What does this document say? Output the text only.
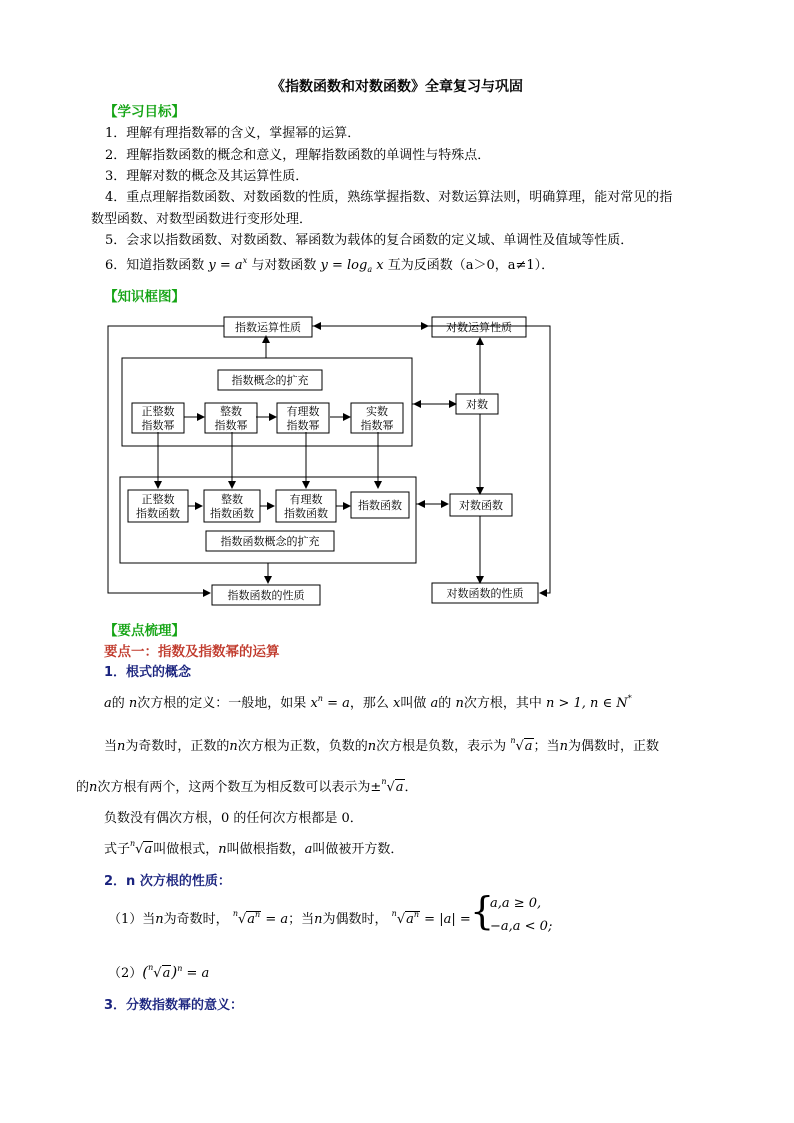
《指数函数和对数函数》全章复习与巩固
【学习目标】
1．理解有理指数幂的含义，掌握幂的运算．
2．理解指数函数的概念和意义，理解指数函数的单调性与特殊点．
3．理解对数的概念及其运算性质．
4．重点理解指数函数、对数函数的性质，熟练掌握指数、对数运算法则，明确算理，能对常见的指
数型函数、对数型函数进行变形处理．
5．会求以指数函数、对数函数、幂函数为载体的复合函数的定义域、单调性及值域等性质．
6．知道指数函数 $y = a^x$ 与对数函数 $y = \log_a x$ 互为反函数（a＞0，a≠1）．
【知识框图】
指数运算性质	对数运算性质
指数概念的扩充
正整数
指数幂
整数
指数幂
有理数
指数幂
实数
指数幂
对数
正整数
指数函数
整数
指数函数
有理数
指数函数
指数函数	对数函数
指数函数概念的扩充
指数函数的性质	对数函数的性质
【要点梳理】
要点一：指数及指数幂的运算
1．根式的概念
a的 n次方根的定义：一般地，如果 $x^n = a$，那么 x叫做 a的 n次方根，其中 n > 1, n ∈ N*
当n为奇数时，正数的n次方根为正数，负数的n次方根是负数，表示为 $^n$√a；当n为偶数时，正数
的n次方根有两个，这两个数互为相反数可以表示为±$^n$√a．
负数没有偶次方根，0 的任何次方根都是 0．
式子$^n$√a叫做根式，n叫做根指数，a叫做被开方数．
2．n 次方根的性质：
（1）当n为奇数时， $^n√a^n = a$；当n为偶数时， $^n√a^n = |a|$ = {
a,a ≥ 0,
−a,a < 0;
$(2)(^n√a)^n = a$
3．分数指数幂的意义：
